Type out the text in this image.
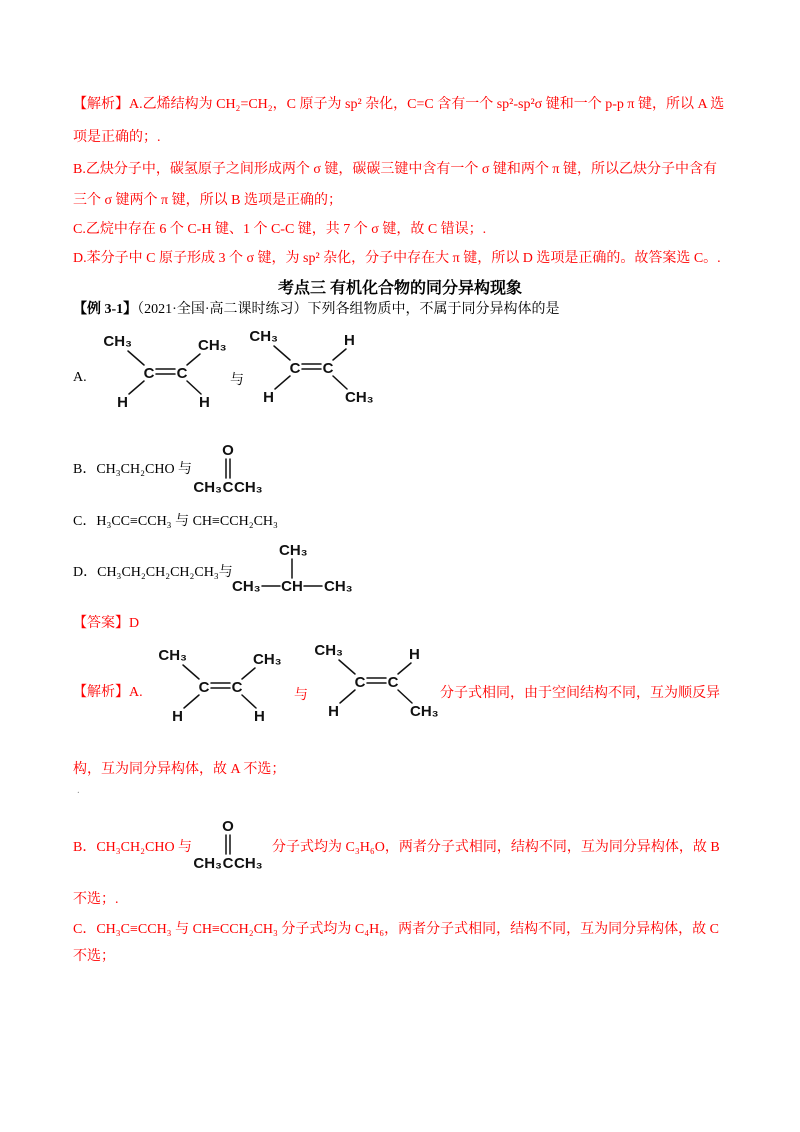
【解析】A.乙烯结构为 CH₂=CH₂，C 原子为 sp² 杂化，C=C 含有一个 sp²-sp²σ 键和一个 p-p π 键，所以 A 选
项是正确的；.
B.乙炔分子中，碳氢原子之间形成两个 σ 键，碳碳三键中含有一个 σ 键和两个 π 键，所以乙炔分子中含有
三个 σ 键两个 π 键，所以 B 选项是正确的；
C.乙烷中存在 6 个 C-H 键、1 个 C-C 键，共 7 个 σ 键，故 C 错误；.
D.苯分子中 C 原子形成 3 个 σ 键，为 sp² 杂化，分子中存在大 π 键，所以 D 选项是正确的。故答案选 C。.
考点三 有机化合物的同分异构现象
【例 3-1】（2021·全国·高二课时练习）下列各组物质中，不属于同分异构体的是
A.
CH₃	CH₃
C C
H	H
与
CH₃	H
C C
H	CH₃
B．CH₃CH₂CHO 与
O
CH₃ C CH₃
C．H₃CC≡CCH₃ 与 CH≡CCH₂CH₃
D．CH₃CH₂CH₂CH₂CH₃与
CH₃
CH₃ CH CH₃
【答案】D
【解析】A.
CH₃	CH₃
C C
H	H
与
CH₃	H
C C
H	CH₃
分子式相同，由于空间结构不同，互为顺反异
构，互为同分异构体，故 A 不选；
.
B．CH₃CH₂CHO 与
O
CH₃ C CH₃
分子式均为 C₃H₆O，两者分子式相同，结构不同，互为同分异构体，故 B
不选；.
C．CH₃C≡CCH₃ 与 CH≡CCH₂CH₃ 分子式均为 C₄H₆，两者分子式相同，结构不同，互为同分异构体，故 C
不选；
